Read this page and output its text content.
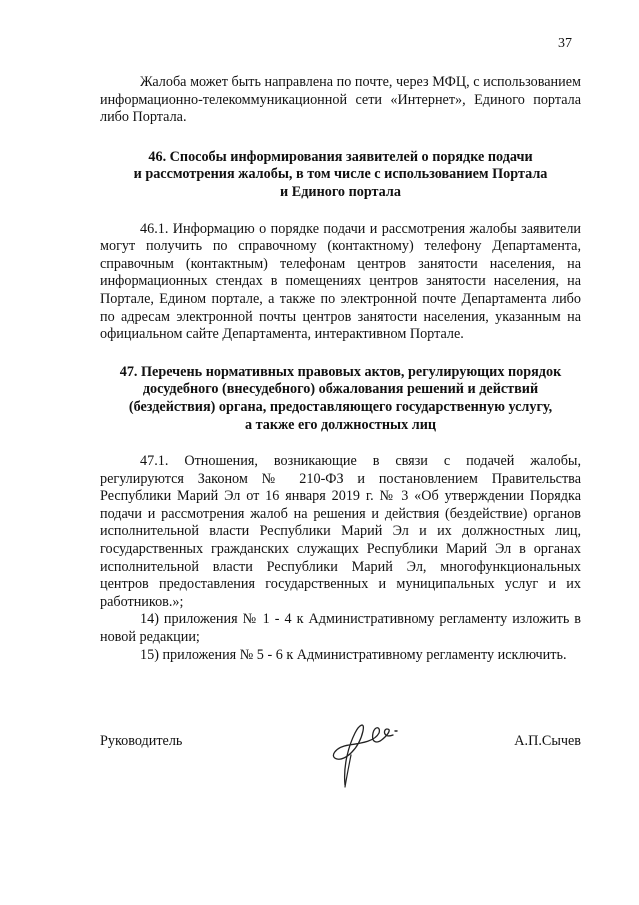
37

Жалоба может быть направлена по почте, через МФЦ, с использованием информационно-телекоммуникационной сети «Интернет», Единого портала либо Портала.

46. Способы информирования заявителей о порядке подачи
и рассмотрения жалобы, в том числе с использованием Портала
и Единого портала

46.1. Информацию о порядке подачи и рассмотрения жалобы заявители могут получить по справочному (контактному) телефону Департамента, справочным (контактным) телефонам центров занятости населения, на информационных стендах в помещениях центров занятости населения, на Портале, Едином портале, а также по электронной почте Департамента либо по адресам электронной почты центров занятости населения, указанным на официальном сайте Департамента, интерактивном Портале.

47. Перечень нормативных правовых актов, регулирующих порядок
досудебного (внесудебного) обжалования решений и действий
(бездействия) органа, предоставляющего государственную услугу,
а также его должностных лиц

47.1. Отношения, возникающие в связи с подачей жалобы, регулируются Законом № 210-ФЗ и постановлением Правительства Республики Марий Эл от 16 января 2019 г. № 3 «Об утверждении Порядка подачи и рассмотрения жалоб на решения и действия (бездействие) органов исполнительной власти Республики Марий Эл и их должностных лиц, государственных гражданских служащих Республики Марий Эл в органах исполнительной власти Республики Марий Эл, многофункциональных центров предоставления государственных и муниципальных услуг и их работников.»;

14) приложения № 1 - 4 к Административному регламенту изложить в новой редакции;

15) приложения № 5 - 6 к Административному регламенту исключить.

Руководитель	А.П.Сычев
